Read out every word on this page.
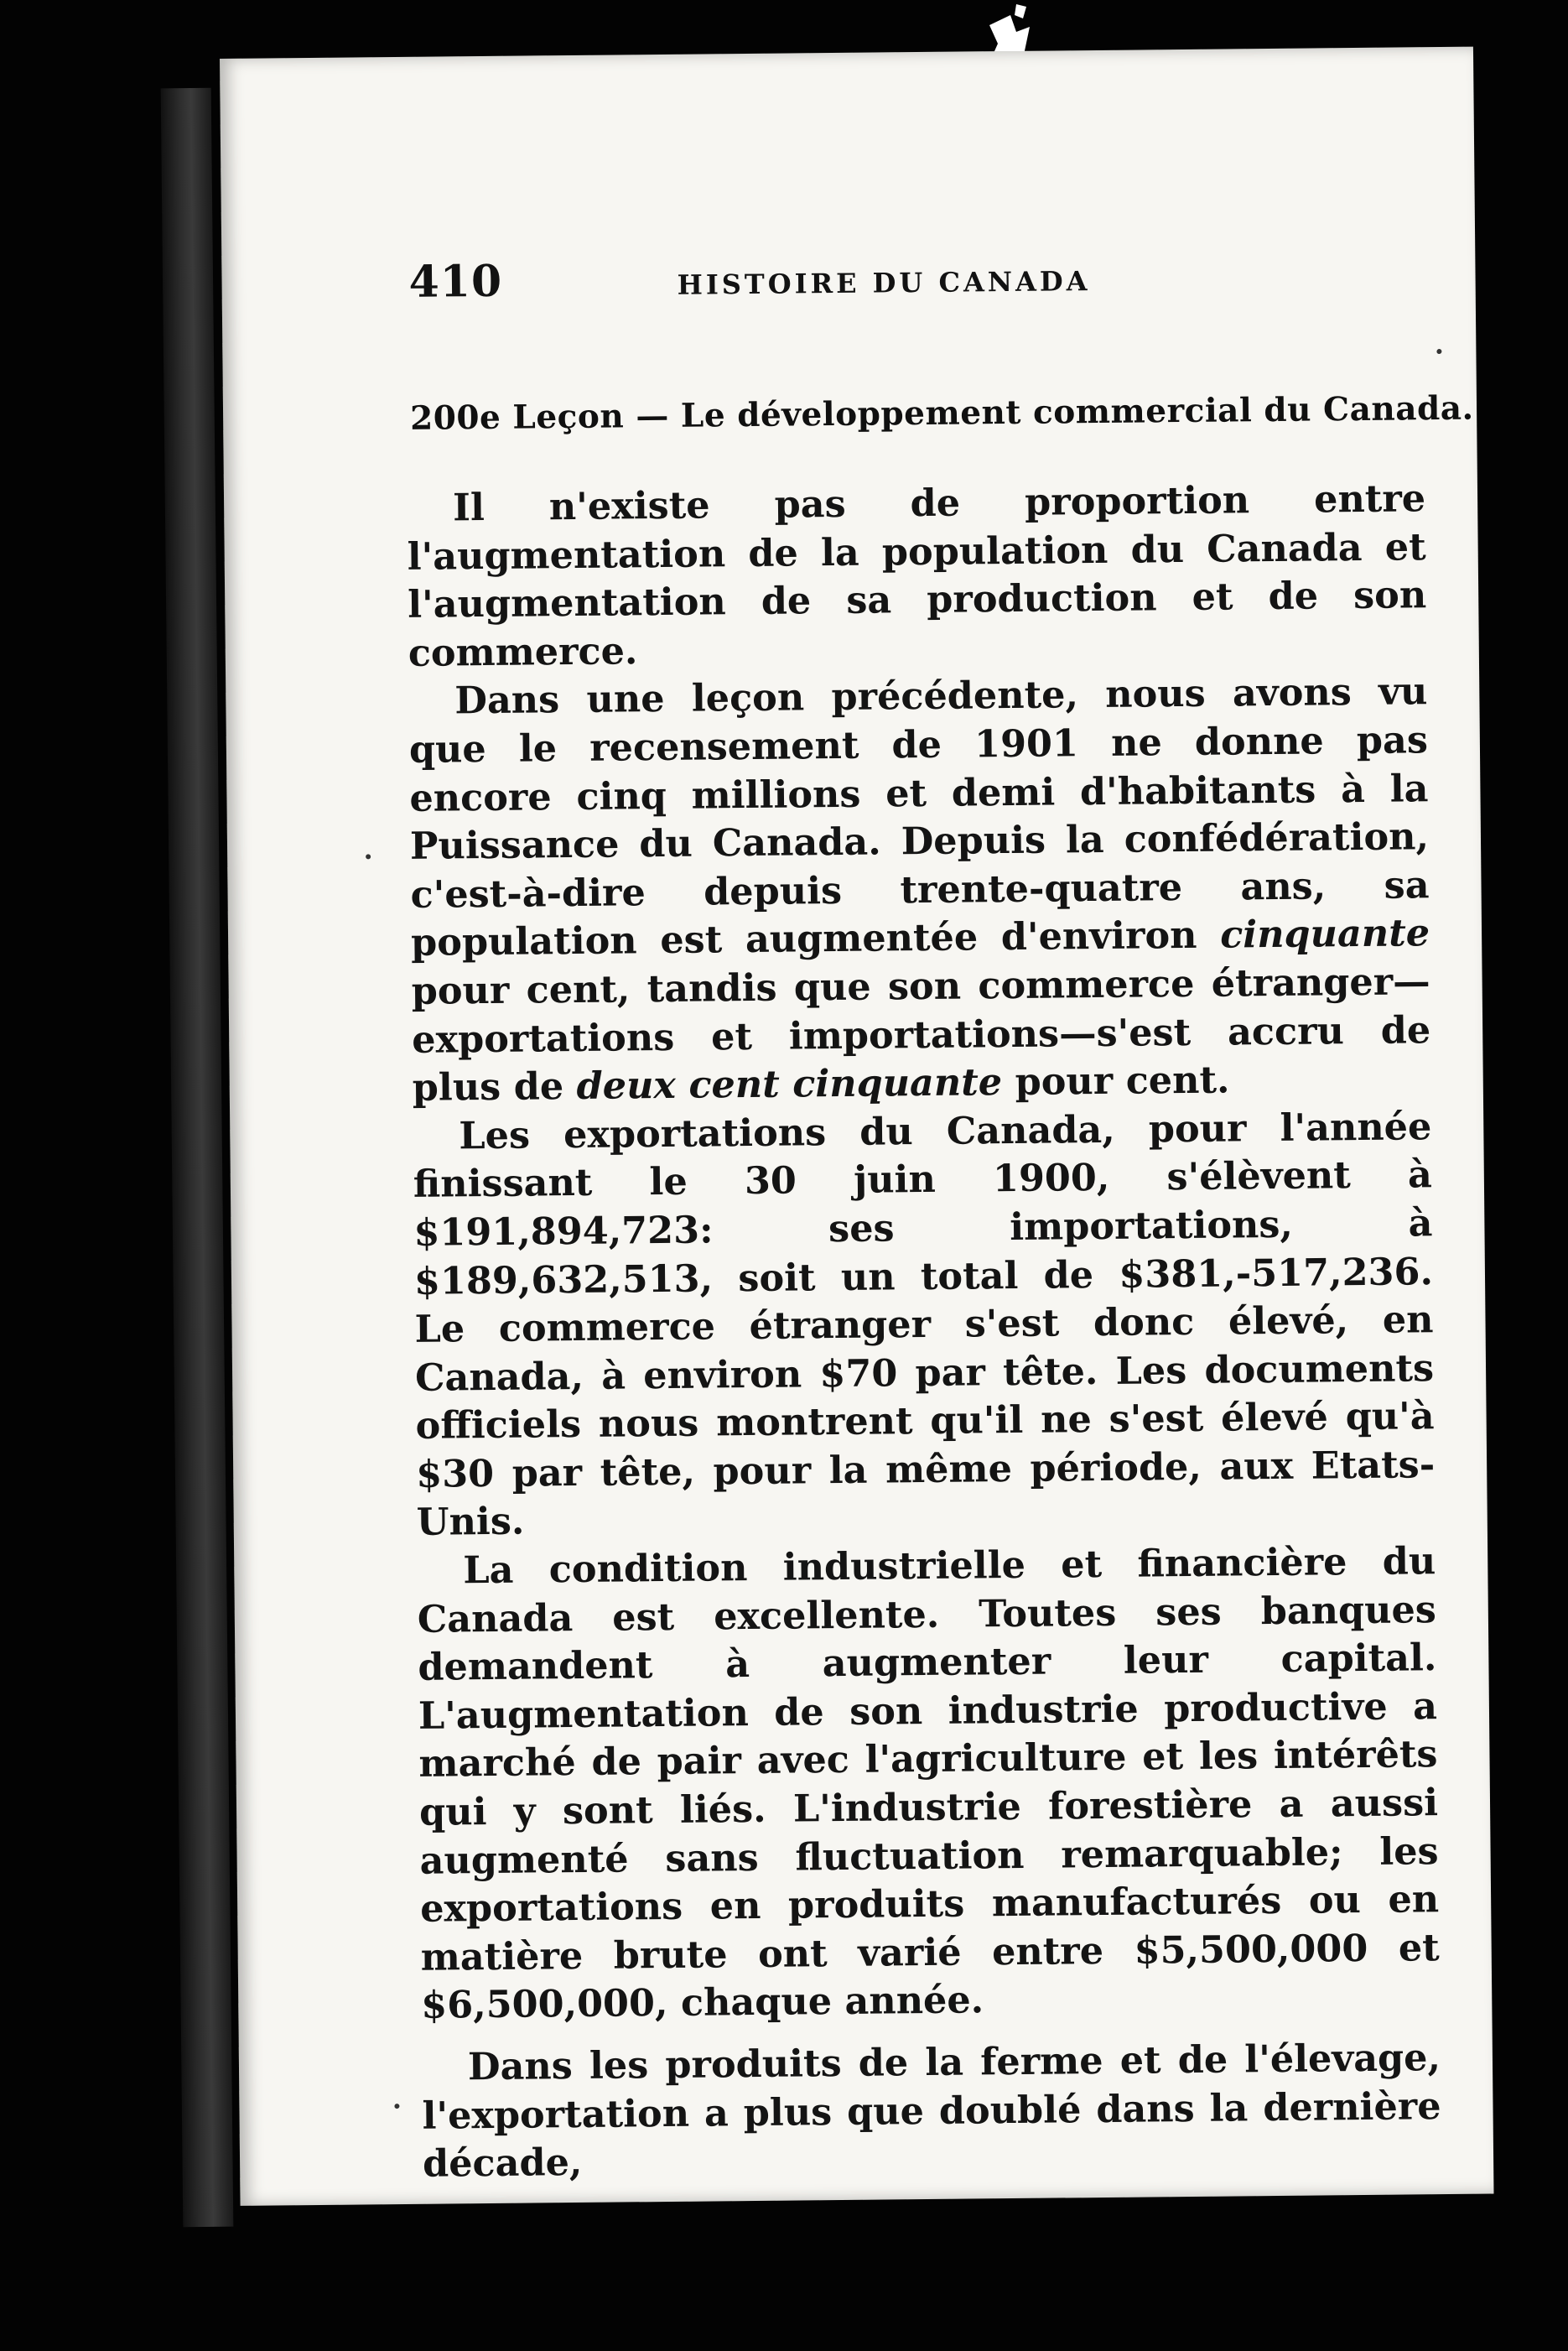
410	HISTOIRE DU CANADA
200e Leçon — Le développement commercial du Canada.

Il n'existe pas de proportion entre l'augmentation de la population du Canada et l'augmentation de sa production et de son commerce.

Dans une leçon précédente, nous avons vu que le recensement de 1901 ne donne pas encore cinq millions et demi d'habitants à la Puissance du Canada. Depuis la confédération, c'est-à-dire depuis trente-quatre ans, sa population est augmentée d'environ cinquante pour cent, tandis que son commerce étranger—exportations et importations—s'est accru de plus de deux cent cinquante pour cent.

Les exportations du Canada, pour l'année finissant le 30 juin 1900, s'élèvent à $191,894,723: ses importations, à $189,632,513, soit un total de $381,-517,236. Le commerce étranger s'est donc élevé, en Canada, à environ $70 par tête. Les documents officiels nous montrent qu'il ne s'est élevé qu'à $30 par tête, pour la même période, aux Etats-Unis.

La condition industrielle et financière du Canada est excellente. Toutes ses banques demandent à augmenter leur capital. L'augmentation de son industrie productive a marché de pair avec l'agriculture et les intérêts qui y sont liés. L'industrie forestière a aussi augmenté sans fluctuation remarquable; les exportations en produits manufacturés ou en matière brute ont varié entre $5,500,000 et $6,500,000, chaque année.

Dans les produits de la ferme et de l'élevage, l'exportation a plus que doublé dans la dernière décade,
